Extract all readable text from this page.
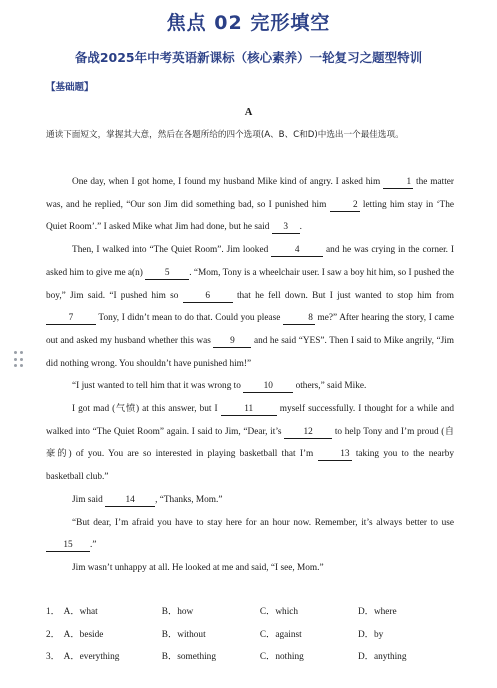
焦点 02 完形填空
备战2025年中考英语新课标（核心素养）一轮复习之题型特训
【基础题】
A
通读下面短文，掌握其大意，然后在各题所给的四个选项(A、B、C和D)中选出一个最佳选项。

One day, when I got home, I found my husband Mike kind of angry. I asked him	1 the matter was, and he replied, “Our son Jim did something bad, so I punished him	2 letting him stay in ‘The Quiet Room’.” I asked Mike what Jim had done, but he said 3 .

Then, I walked into “The Quiet Room”. Jim looked	4	and he was crying in the corner. I asked him to give me a(n) 5 . “Mom, Tony is a wheelchair user. I saw a boy hit him, so I pushed the boy,” Jim said. “I pushed him so	6	that he fell down. But I just wanted to stop him from 7	Tony, I didn’t mean to do that. Could you please	8 me?” After hearing the story, I came out and asked my husband whether this was 9 and he said “YES”. Then I said to Mike angrily, “Jim did nothing wrong. You shouldn’t have punished him!”

“I just wanted to tell him that it was wrong to 10 others,” said Mike.

I got mad (气愤) at this answer, but I	11	myself successfully. I thought for a while and walked into “The Quiet Room” again. I said to Jim, “Dear, it’s 12 to help Tony and I’m proud (自豪的) of you. You are so interested in playing basketball that I’m	13 taking you to the nearby basketball club.”

Jim said 14 , “Thanks, Mom.”

“But dear, I’m afraid you have to stay here for an hour now. Remember, it’s always better to use 15 .”

Jim wasn’t unhappy at all. He looked at me and said, “I see, Mom.”

1． A．what	B．how	C．which	D．where
2． A．beside	B．without	C．against	D．by
3． A．everything	B．something	C．nothing	D．anything
